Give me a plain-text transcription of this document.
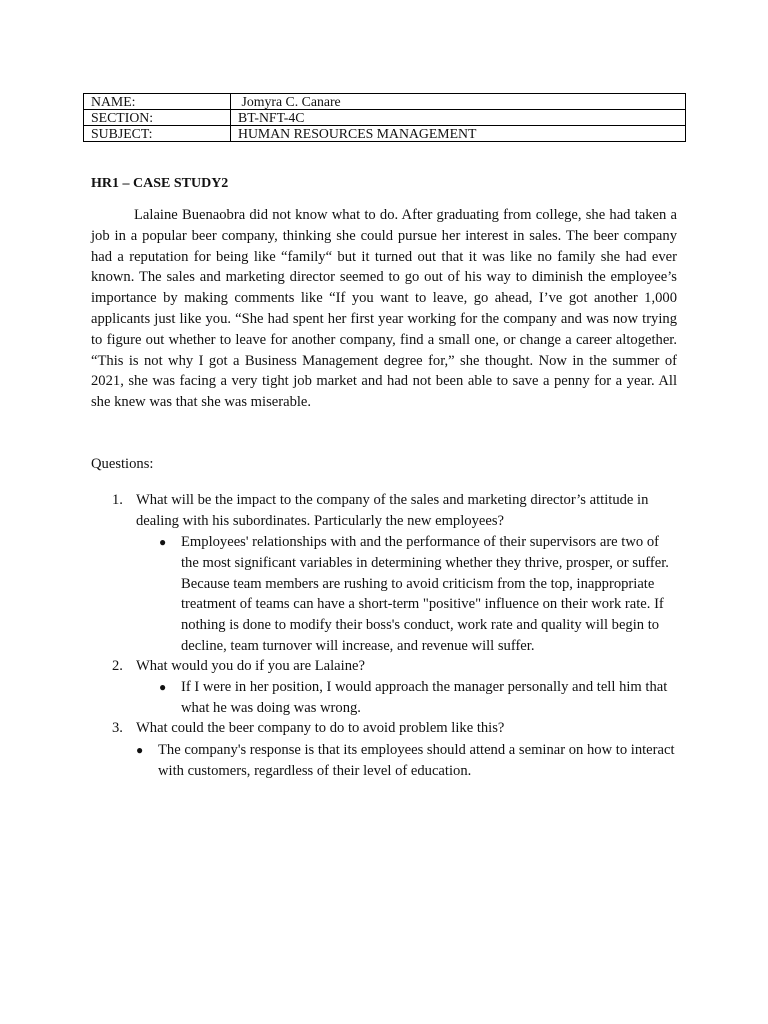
NAME:	Jomyra C. Canare
SECTION:	BT-NFT-4C
SUBJECT:	HUMAN RESOURCES MANAGEMENT
HR1 – CASE STUDY2

Lalaine Buenaobra did not know what to do. After graduating from college, she had taken a job in a popular beer company, thinking she could pursue her interest in sales. The beer company had a reputation for being like “family“ but it turned out that it was like no family she had ever known. The sales and marketing director seemed to go out of his way to diminish the employee’s importance by making comments like “If you want to leave, go ahead, I’ve got another 1,000 applicants just like you. “She had spent her first year working for the company and was now trying to figure out whether to leave for another company, find a small one, or change a career altogether. “This is not why I got a Business Management degree for,” she thought. Now in the summer of 2021, she was facing a very tight job market and had not been able to save a penny for a year. All she knew was that she was miserable.

Questions:
1. What will be the impact to the company of the sales and marketing director’s attitude in dealing with his subordinates. Particularly the new employees?
● Employees' relationships with and the performance of their supervisors are two of the most significant variables in determining whether they thrive, prosper, or suffer. Because team members are rushing to avoid criticism from the top, inappropriate treatment of teams can have a short-term "positive" influence on their work rate. If nothing is done to modify their boss's conduct, work rate and quality will begin to decline, team turnover will increase, and revenue will suffer.
2. What would you do if you are Lalaine?
● If I were in her position, I would approach the manager personally and tell him that what he was doing was wrong.
3. What could the beer company to do to avoid problem like this?
● The company's response is that its employees should attend a seminar on how to interact with customers, regardless of their level of education.
